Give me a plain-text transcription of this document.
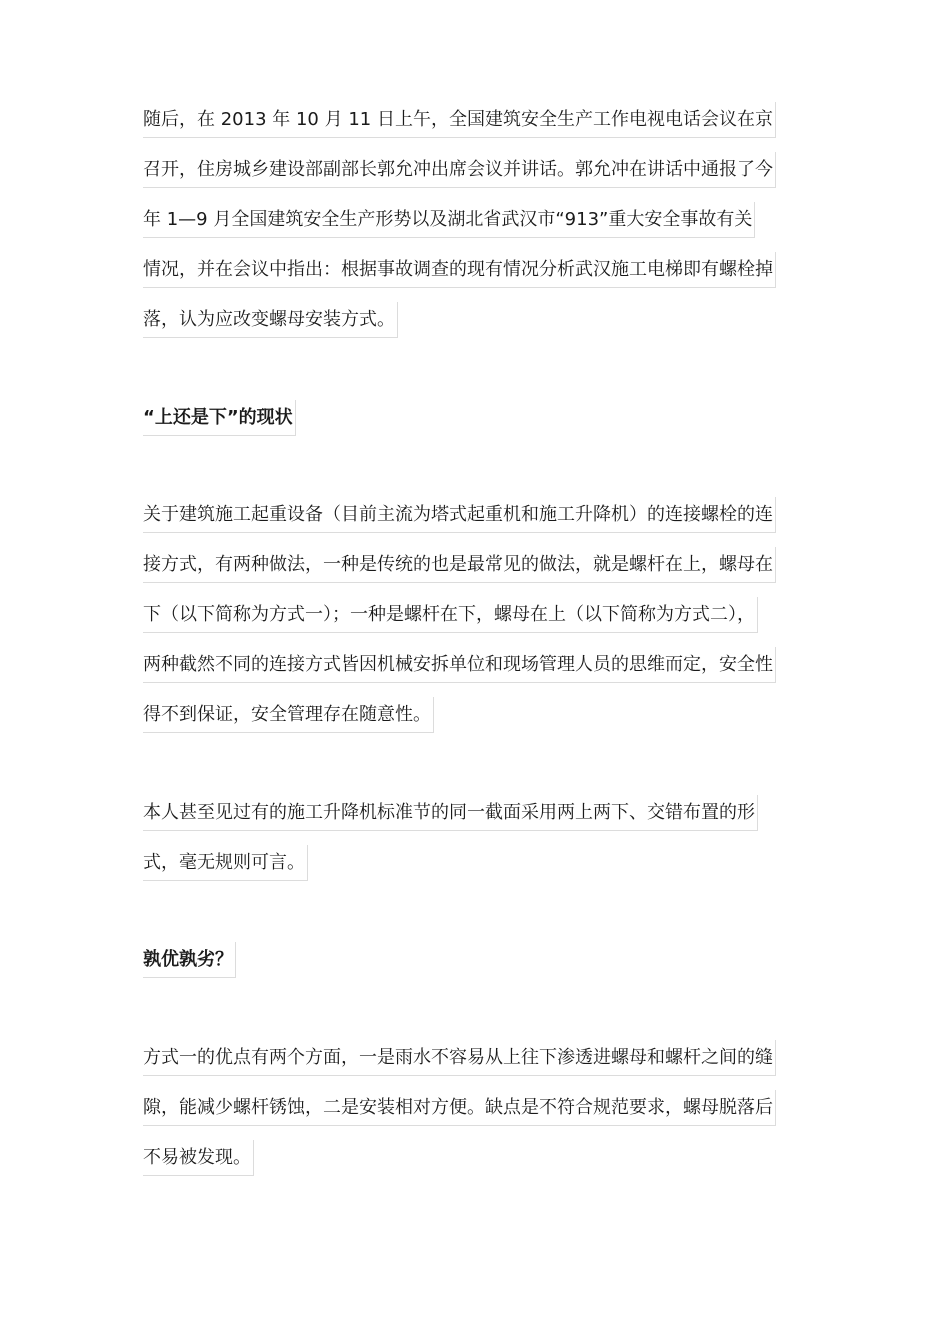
随后，在 2013 年 10 月 11 日上午，全国建筑安全生产工作电视电话会议在京
召开，住房城乡建设部副部长郭允冲出席会议并讲话。郭允冲在讲话中通报了今
年 1—9 月全国建筑安全生产形势以及湖北省武汉市“913”重大安全事故有关
情况，并在会议中指出：根据事故调查的现有情况分析武汉施工电梯即有螺栓掉
落，认为应改变螺母安装方式。
“上还是下”的现状
关于建筑施工起重设备（目前主流为塔式起重机和施工升降机）的连接螺栓的连
接方式，有两种做法，一种是传统的也是最常见的做法，就是螺杆在上，螺母在
下（以下简称为方式一）；一种是螺杆在下，螺母在上（以下简称为方式二），
两种截然不同的连接方式皆因机械安拆单位和现场管理人员的思维而定，安全性
得不到保证，安全管理存在随意性。
本人甚至见过有的施工升降机标准节的同一截面采用两上两下、交错布置的形
式，毫无规则可言。
孰优孰劣？
方式一的优点有两个方面，一是雨水不容易从上往下渗透进螺母和螺杆之间的缝
隙，能减少螺杆锈蚀，二是安装相对方便。缺点是不符合规范要求，螺母脱落后
不易被发现。
